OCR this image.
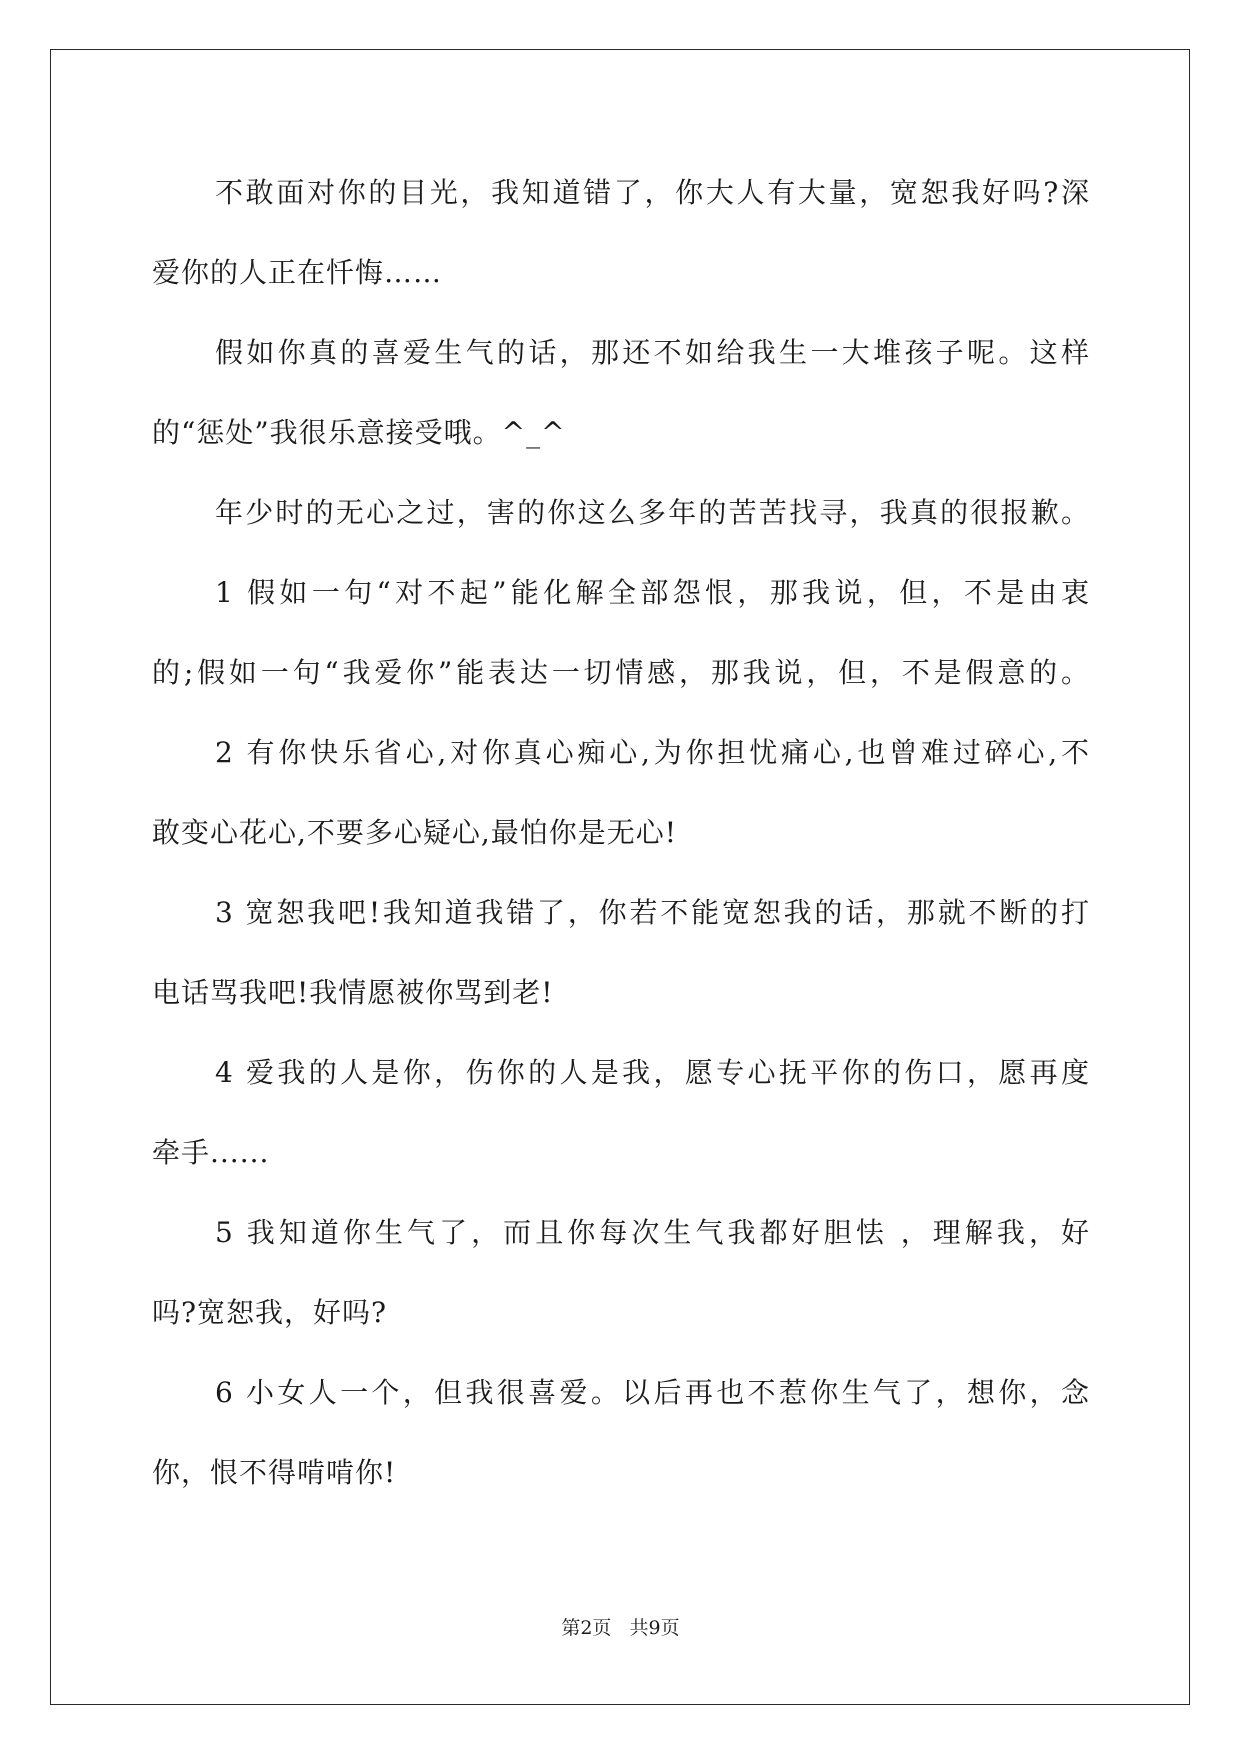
不敢面对你的目光，我知道错了，你大人有大量，宽恕我好吗?深
爱你的人正在忏悔……

假如你真的喜爱生气的话，那还不如给我生一大堆孩子呢。这样
的“惩处”我很乐意接受哦。^_^

年少时的无心之过，害的你这么多年的苦苦找寻，我真的很报歉。

1 假如一句“对不起”能化解全部怨恨，那我说，但，不是由衷
的;假如一句“我爱你”能表达一切情感，那我说，但，不是假意的。

2 有你快乐省心,对你真心痴心,为你担忧痛心,也曾难过碎心,不
敢变心花心,不要多心疑心,最怕你是无心!

3 宽恕我吧!我知道我错了，你若不能宽恕我的话，那就不断的打
电话骂我吧!我情愿被你骂到老!

4 爱我的人是你，伤你的人是我，愿专心抚平你的伤口，愿再度
牵手......

5 我知道你生气了，而且你每次生气我都好胆怯 ，理解我，好
吗?宽恕我，好吗?

6 小女人一个，但我很喜爱。以后再也不惹你生气了，想你，念
你，恨不得啃啃你!

第2页   共9页
